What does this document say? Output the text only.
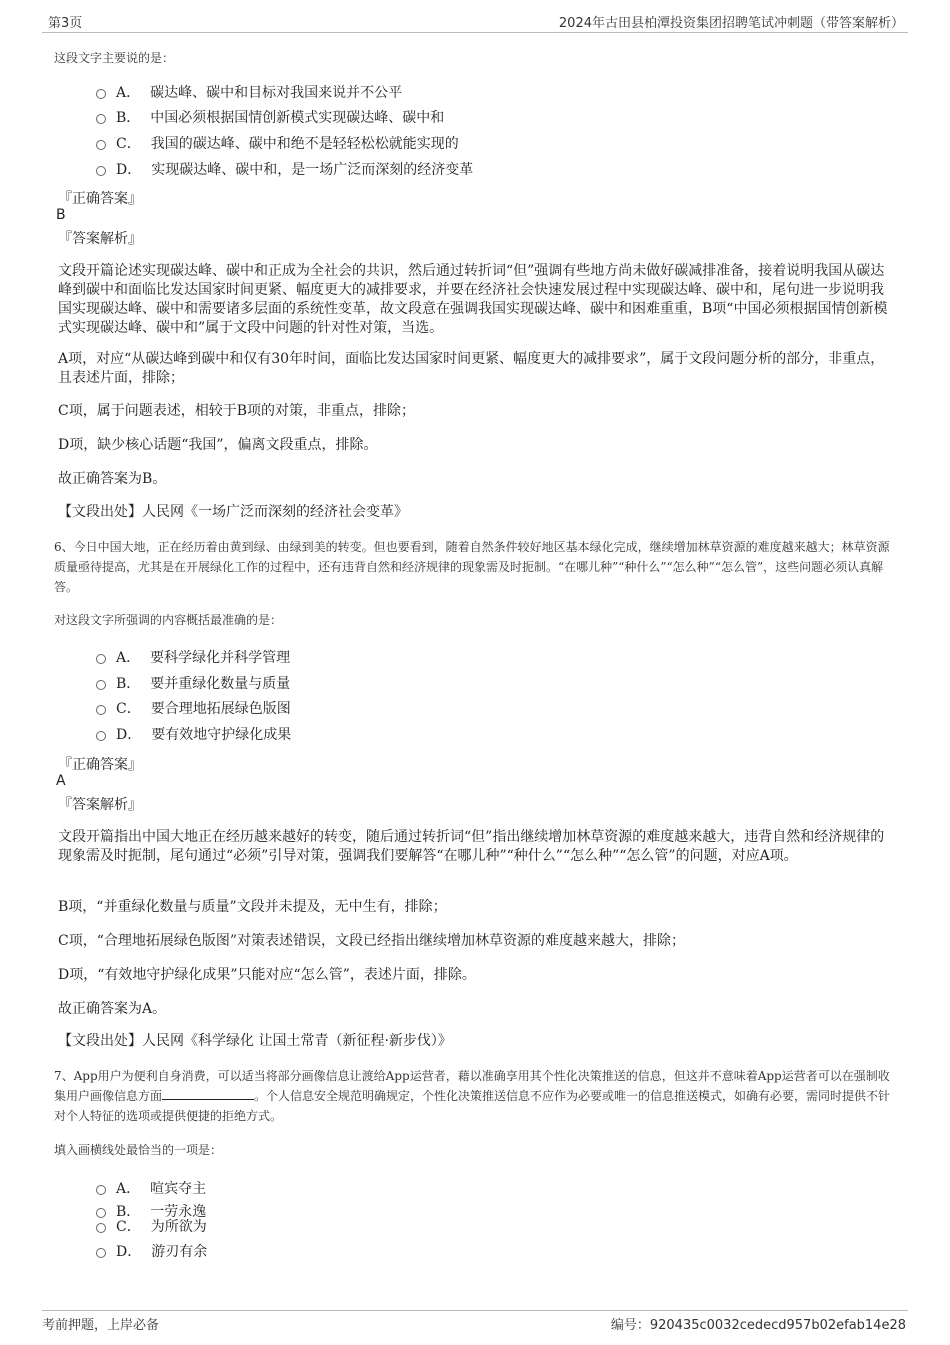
第3页	2024年古田县柏潭投资集团招聘笔试冲刺题（带答案解析）
这段文字主要说的是：
A． 碳达峰、碳中和目标对我国来说并不公平
B． 中国必须根据国情创新模式实现碳达峰、碳中和
C． 我国的碳达峰、碳中和绝不是轻轻松松就能实现的
D． 实现碳达峰、碳中和，是一场广泛而深刻的经济变革
『正确答案』
B
『答案解析』
文段开篇论述实现碳达峰、碳中和正成为全社会的共识，然后通过转折词“但”强调有些地方尚未做好碳减排准备，接着说明我国从碳达峰到碳中和面临比发达国家时间更紧、幅度更大的减排要求，并要在经济社会快速发展过程中实现碳达峰、碳中和，尾句进一步说明我国实现碳达峰、碳中和需要诸多层面的系统性变革，故文段意在强调我国实现碳达峰、碳中和困难重重，B项“中国必须根据国情创新模式实现碳达峰、碳中和”属于文段中问题的针对性对策，当选。
A项，对应“从碳达峰到碳中和仅有30年时间，面临比发达国家时间更紧、幅度更大的减排要求”，属于文段问题分析的部分，非重点，且表述片面，排除；
C项，属于问题表述，相较于B项的对策，非重点，排除；
D项，缺少核心话题“我国”，偏离文段重点，排除。
故正确答案为B。
【文段出处】人民网《一场广泛而深刻的经济社会变革》
6、今日中国大地，正在经历着由黄到绿、由绿到美的转变。但也要看到，随着自然条件较好地区基本绿化完成，继续增加林草资源的难度越来越大；林草资源质量亟待提高，尤其是在开展绿化工作的过程中，还有违背自然和经济规律的现象需及时扼制。“在哪儿种”“种什么”“怎么种”“怎么管”，这些问题必须认真解答。
对这段文字所强调的内容概括最准确的是：
A． 要科学绿化并科学管理
B． 要并重绿化数量与质量
C． 要合理地拓展绿色版图
D． 要有效地守护绿化成果
『正确答案』
A
『答案解析』
文段开篇指出中国大地正在经历越来越好的转变，随后通过转折词“但”指出继续增加林草资源的难度越来越大，违背自然和经济规律的现象需及时扼制，尾句通过“必须”引导对策，强调我们要解答“在哪儿种”“种什么”“怎么种”“怎么管”的问题，对应A项。
B项，“并重绿化数量与质量”文段并未提及，无中生有，排除；
C项，“合理地拓展绿色版图”对策表述错误，文段已经指出继续增加林草资源的难度越来越大，排除；
D项，“有效地守护绿化成果”只能对应“怎么管”，表述片面，排除。
故正确答案为A。
【文段出处】人民网《科学绿化 让国土常青（新征程·新步伐）》
7、App用户为便利自身消费，可以适当将部分画像信息让渡给App运营者，藉以准确享用其个性化决策推送的信息，但这并不意味着App运营者可以在强制收集用户画像信息方面	。个人信息安全规范明确规定，个性化决策推送信息不应作为必要或唯一的信息推送模式，如确有必要，需同时提供不针对个人特征的选项或提供便捷的拒绝方式。
填入画横线处最恰当的一项是：
A． 喧宾夺主
B． 一劳永逸
C． 为所欲为
D． 游刃有余
考前押题，上岸必备	编号：920435c0032cedecd957b02efab14e28
